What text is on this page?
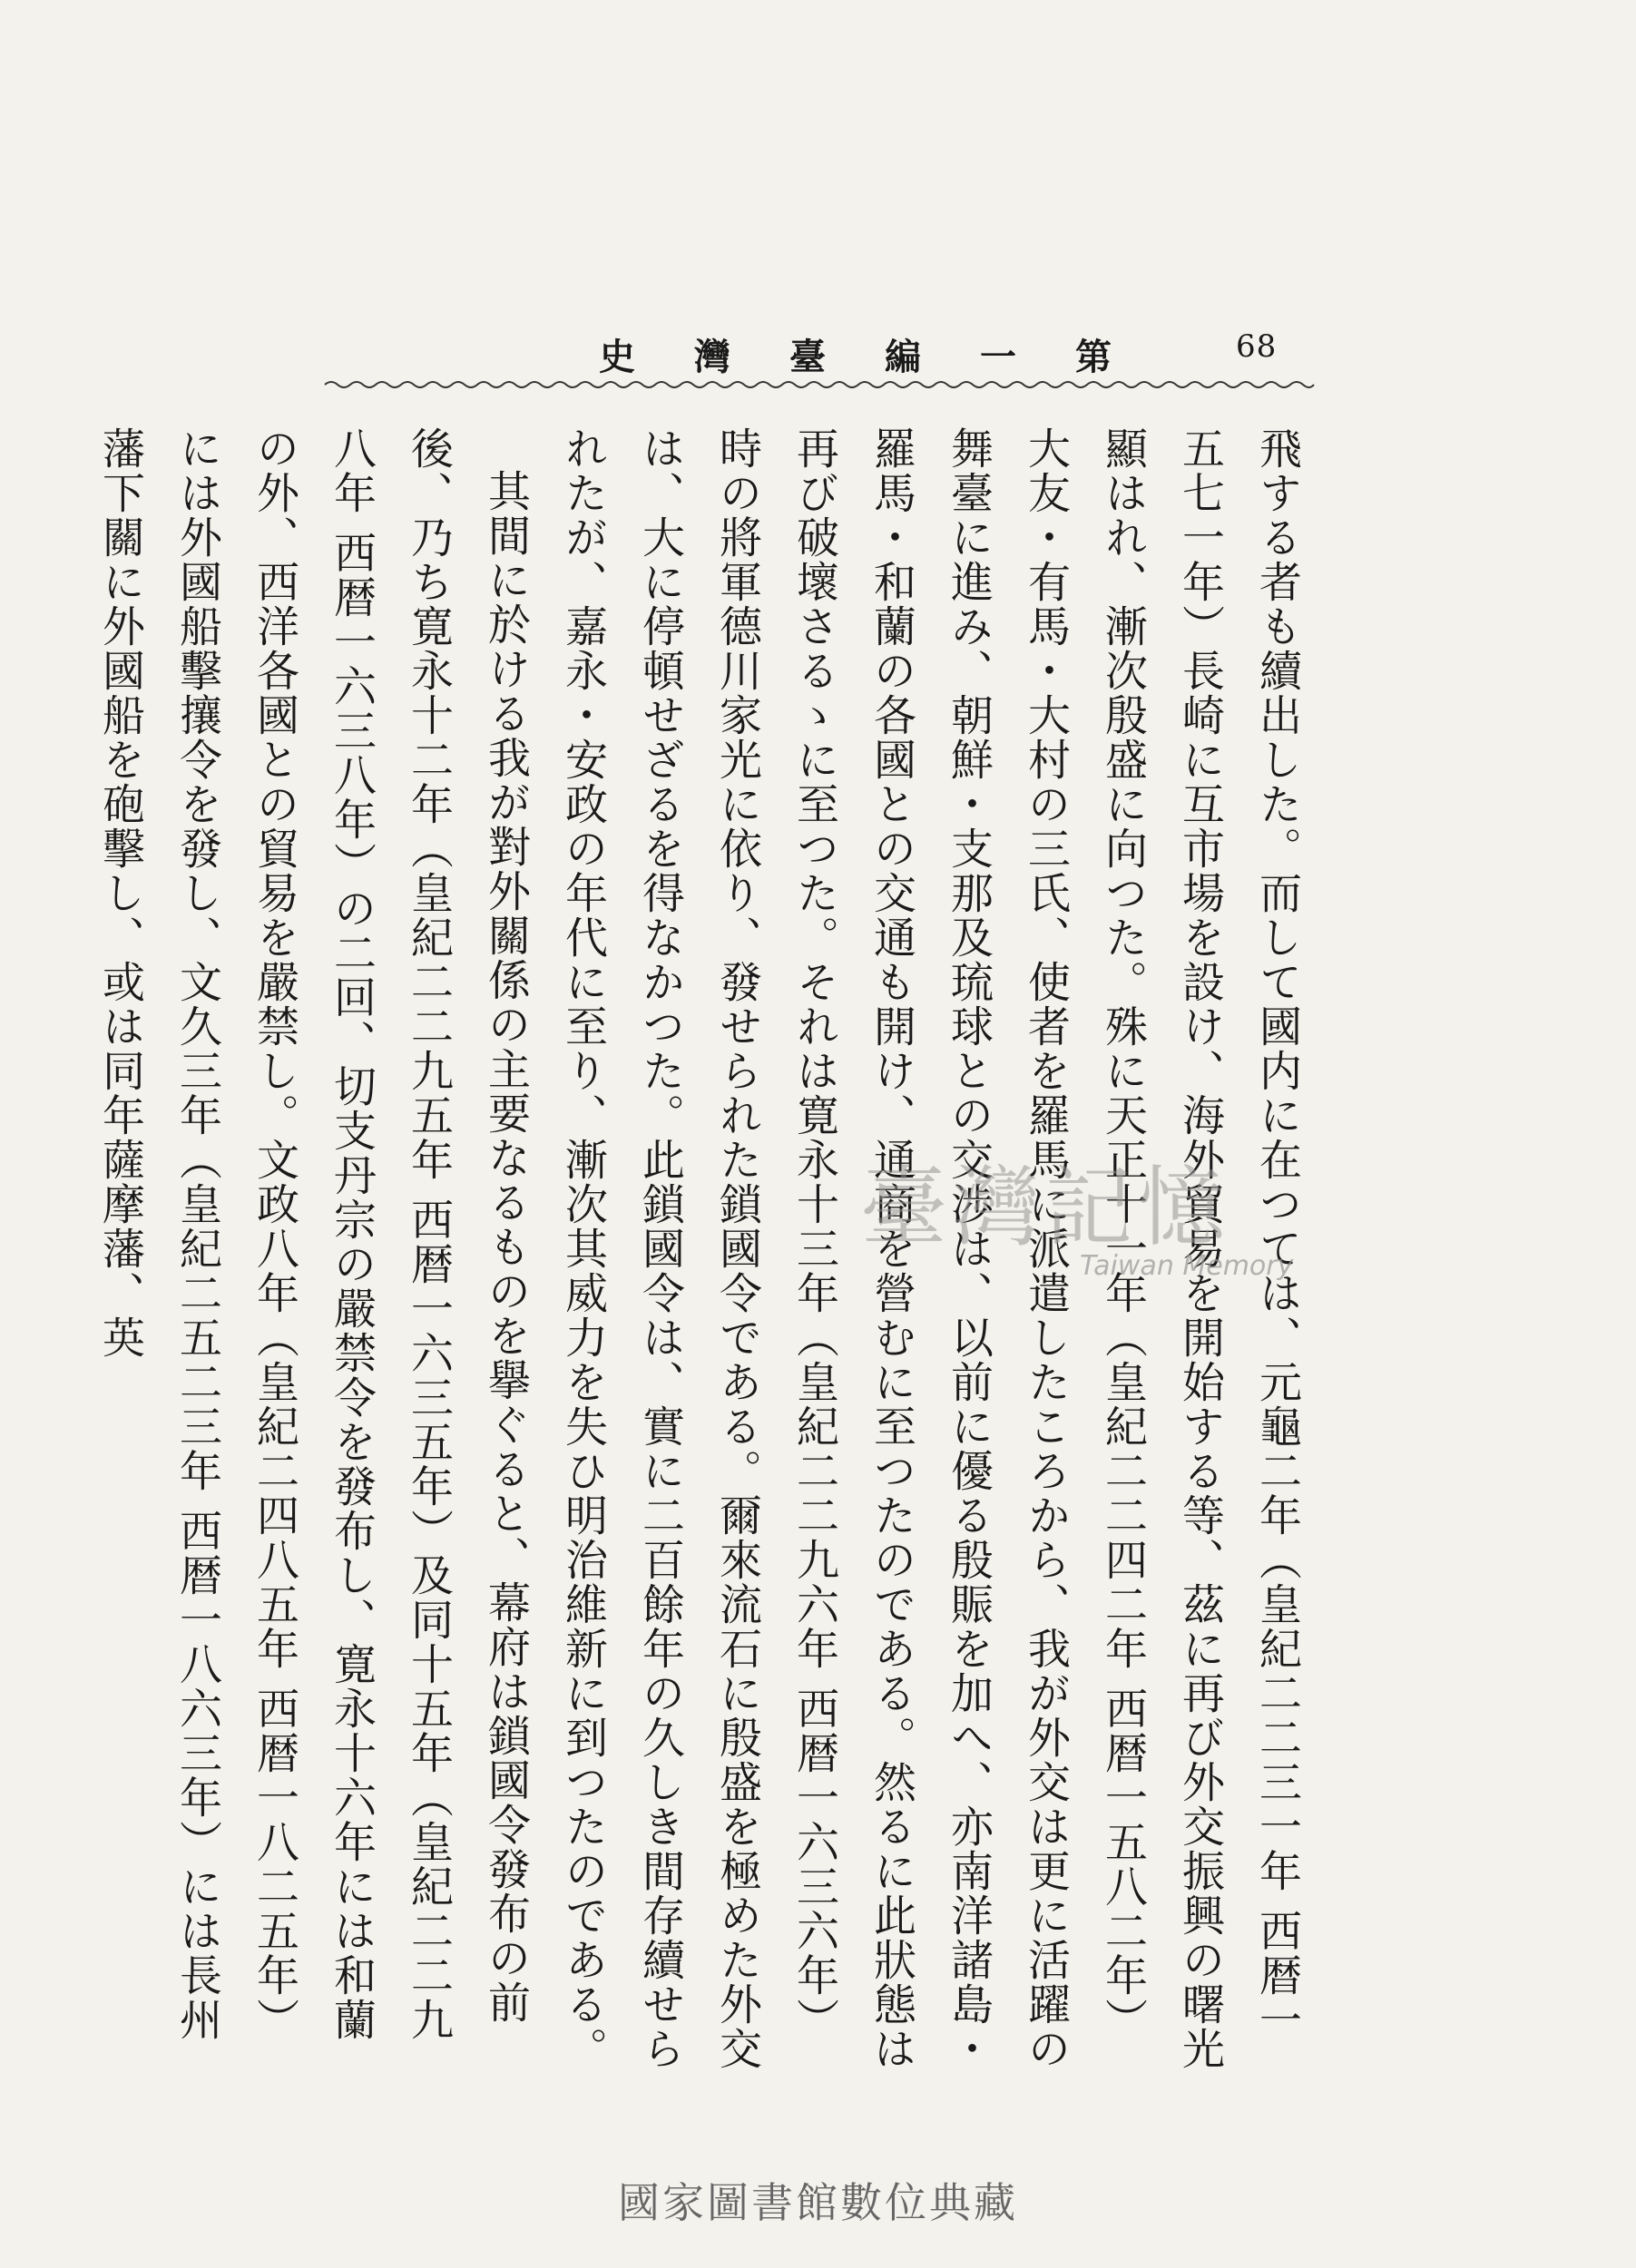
68
第
一
編
臺
灣
史

飛する者も續出した。而して國内に在つては、元龜二年（皇紀二二三一年 西暦一五七一年）長崎に互市場を設け、海外貿易を開始する等、茲に再び外交振興の曙光顯はれ、漸次殷盛に向つた。殊に天正十一年（皇紀二二四二年 西暦一五八二年）大友・有馬・大村の三氏、使者を羅馬に派遣したころから、我が外交は更に活躍の舞臺に進み、朝鮮・支那及琉球との交渉は、以前に優る殷賑を加へ、亦南洋諸島・羅馬・和蘭の各國との交通も開け、通商を營むに至つたのである。然るに此狀態は再び破壞さるゝに至つた。それは寛永十三年（皇紀二二九六年 西暦一六三六年）時の將軍德川家光に依り、發せられた鎖國令である。爾來流石に殷盛を極めた外交は、大に停頓せざるを得なかつた。此鎖國令は、實に二百餘年の久しき間存續せられたが、嘉永・安政の年代に至り、漸次其威力を失ひ明治維新に到つたのである。

其間に於ける我が對外關係の主要なるものを擧ぐると、幕府は鎖國令發布の前後、乃ち寛永十二年（皇紀二二九五年 西暦一六三五年）及同十五年（皇紀二二九八年 西暦一六三八年）の二回、切支丹宗の嚴禁令を發布し、寛永十六年には和蘭の外、西洋各國との貿易を嚴禁し。文政八年（皇紀二四八五年 西暦一八二五年）には外國船擊攘令を發し、文久三年（皇紀二五二三年 西暦一八六三年）には長州藩下關に外國船を砲擊し、或は同年薩摩藩、英	臺灣記憶
Taiwan Memory
國家圖書館數位典藏
